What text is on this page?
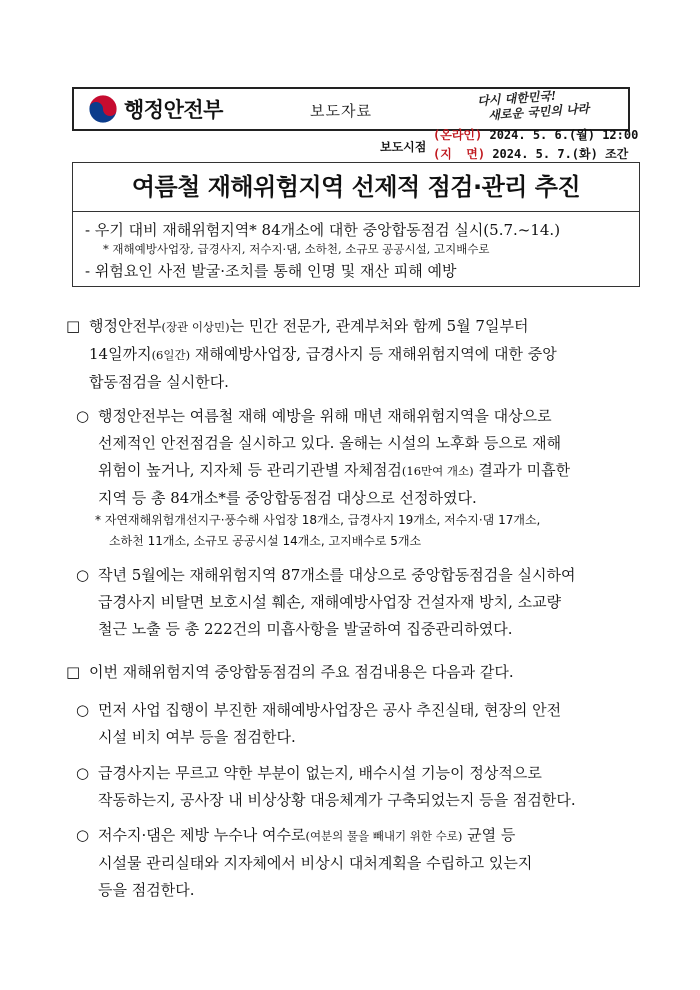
행정안전부	보도자료
다시 대한민국!
새로운 국민의 나라
보도시점
(온라인) 2024. 5. 6.(월) 12:00
(지  면) 2024. 5. 7.(화) 조간
여름철 재해위험지역 선제적 점검·관리 추진
- 우기 대비 재해위험지역* 84개소에 대한 중앙합동점검 실시(5.7.~14.)
* 재해예방사업장, 급경사지, 저수지·댐, 소하천, 소규모 공공시설, 고지배수로
- 위험요인 사전 발굴·조치를 통해 인명 및 재산 피해 예방
□ 행정안전부(장관 이상민)는 민간 전문가, 관계부처와 함께 5월 7일부터
14일까지(6일간) 재해예방사업장, 급경사지 등 재해위험지역에 대한 중앙
합동점검을 실시한다.
○ 행정안전부는 여름철 재해 예방을 위해 매년 재해위험지역을 대상으로
선제적인 안전점검을 실시하고 있다. 올해는 시설의 노후화 등으로 재해
위험이 높거나, 지자체 등 관리기관별 자체점검(16만여 개소) 결과가 미흡한
지역 등 총 84개소*를 중앙합동점검 대상으로 선정하였다.
* 자연재해위험개선지구·풍수해 사업장 18개소, 급경사지 19개소, 저수지·댐 17개소,
소하천 11개소, 소규모 공공시설 14개소, 고지배수로 5개소
○ 작년 5월에는 재해위험지역 87개소를 대상으로 중앙합동점검을 실시하여
급경사지 비탈면 보호시설 훼손, 재해예방사업장 건설자재 방치, 소교량
철근 노출 등 총 222건의 미흡사항을 발굴하여 집중관리하였다.
□ 이번 재해위험지역 중앙합동점검의 주요 점검내용은 다음과 같다.
○ 먼저 사업 집행이 부진한 재해예방사업장은 공사 추진실태, 현장의 안전
시설 비치 여부 등을 점검한다.
○ 급경사지는 무르고 약한 부분이 없는지, 배수시설 기능이 정상적으로
작동하는지, 공사장 내 비상상황 대응체계가 구축되었는지 등을 점검한다.
○ 저수지·댐은 제방 누수나 여수로(여분의 물을 빼내기 위한 수로) 균열 등
시설물 관리실태와 지자체에서 비상시 대처계획을 수립하고 있는지
등을 점검한다.
